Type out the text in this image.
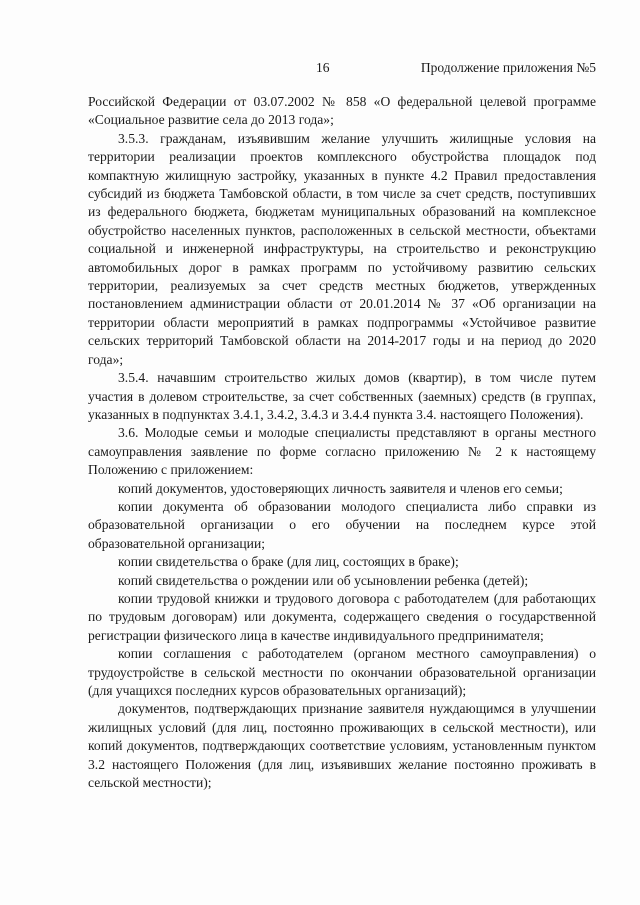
16	Продолжение приложения №5

Российской Федерации от 03.07.2002 № 858 «О федеральной целевой программе «Социальное развитие села до 2013 года»;

3.5.3. гражданам, изъявившим желание улучшить жилищные условия на территории реализации проектов комплексного обустройства площадок под компактную жилищную застройку, указанных в пункте 4.2 Правил предоставления субсидий из бюджета Тамбовской области, в том числе за счет средств, поступивших из федерального бюджета, бюджетам муниципальных образований на комплексное обустройство населенных пунктов, расположенных в сельской местности, объектами социальной и инженерной инфраструктуры, на строительство и реконструкцию автомобильных дорог в рамках программ по устойчивому развитию сельских территории, реализуемых за счет средств местных бюджетов, утвержденных постановлением администрации области от 20.01.2014 № 37 «Об организации на территории области мероприятий в рамках подпрограммы «Устойчивое развитие сельских территорий Тамбовской области на 2014-2017 годы и на период до 2020 года»;

3.5.4. начавшим строительство жилых домов (квартир), в том числе путем участия в долевом строительстве, за счет собственных (заемных) средств (в группах, указанных в подпунктах 3.4.1, 3.4.2, 3.4.3 и 3.4.4 пункта 3.4. настоящего Положения).

3.6. Молодые семьи и молодые специалисты представляют в органы местного самоуправления заявление по форме согласно приложению № 2 к настоящему Положению с приложением:

копий документов, удостоверяющих личность заявителя и членов его семьи;

копии документа об образовании молодого специалиста либо справки из образовательной организации о его обучении на последнем курсе этой образовательной организации;

копии свидетельства о браке (для лиц, состоящих в браке);

копий свидетельства о рождении или об усыновлении ребенка (детей);

копии трудовой книжки и трудового договора с работодателем (для работающих по трудовым договорам) или документа, содержащего сведения о государственной регистрации физического лица в качестве индивидуального предпринимателя;

копии соглашения с работодателем (органом местного самоуправления) о трудоустройстве в сельской местности по окончании образовательной организации (для учащихся последних курсов образовательных организаций);

документов, подтверждающих признание заявителя нуждающимся в улучшении жилищных условий (для лиц, постоянно проживающих в сельской местности), или копий документов, подтверждающих соответствие условиям, установленным пунктом 3.2 настоящего Положения (для лиц, изъявивших желание постоянно проживать в сельской местности);
